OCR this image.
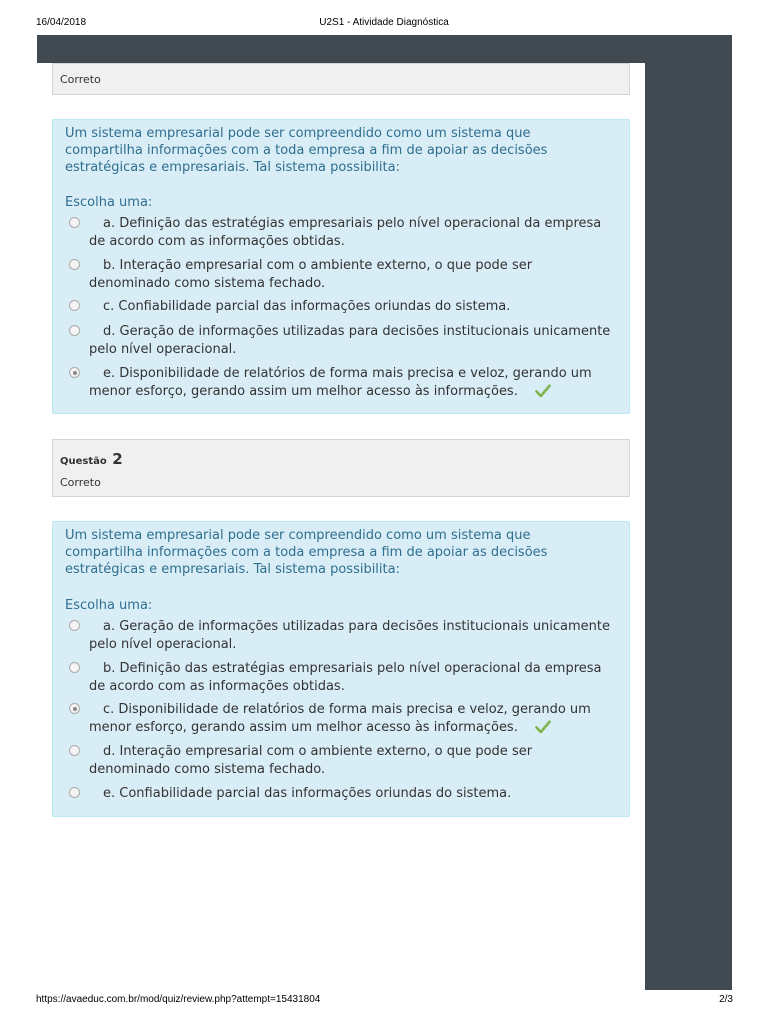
16/04/2018	U2S1 - Atividade Diagnóstica
Correto
Um sistema empresarial pode ser compreendido como um sistema que compartilha informações com a toda empresa a fim de apoiar as decisões estratégicas e empresariais. Tal sistema possibilita:
Escolha uma:
a. Definição das estratégias empresariais pelo nível operacional da empresa de acordo com as informações obtidas.
b. Interação empresarial com o ambiente externo, o que pode ser denominado como sistema fechado.
c. Confiabilidade parcial das informações oriundas do sistema.
d. Geração de informações utilizadas para decisões institucionais unicamente pelo nível operacional.
e. Disponibilidade de relatórios de forma mais precisa e veloz, gerando um menor esforço, gerando assim um melhor acesso às informações.
Questão 2
Correto
Um sistema empresarial pode ser compreendido como um sistema que compartilha informações com a toda empresa a fim de apoiar as decisões estratégicas e empresariais. Tal sistema possibilita:
Escolha uma:
a. Geração de informações utilizadas para decisões institucionais unicamente pelo nível operacional.
b. Definição das estratégias empresariais pelo nível operacional da empresa de acordo com as informações obtidas.
c. Disponibilidade de relatórios de forma mais precisa e veloz, gerando um menor esforço, gerando assim um melhor acesso às informações.
d. Interação empresarial com o ambiente externo, o que pode ser denominado como sistema fechado.
e. Confiabilidade parcial das informações oriundas do sistema.
https://avaeduc.com.br/mod/quiz/review.php?attempt=15431804	2/3
